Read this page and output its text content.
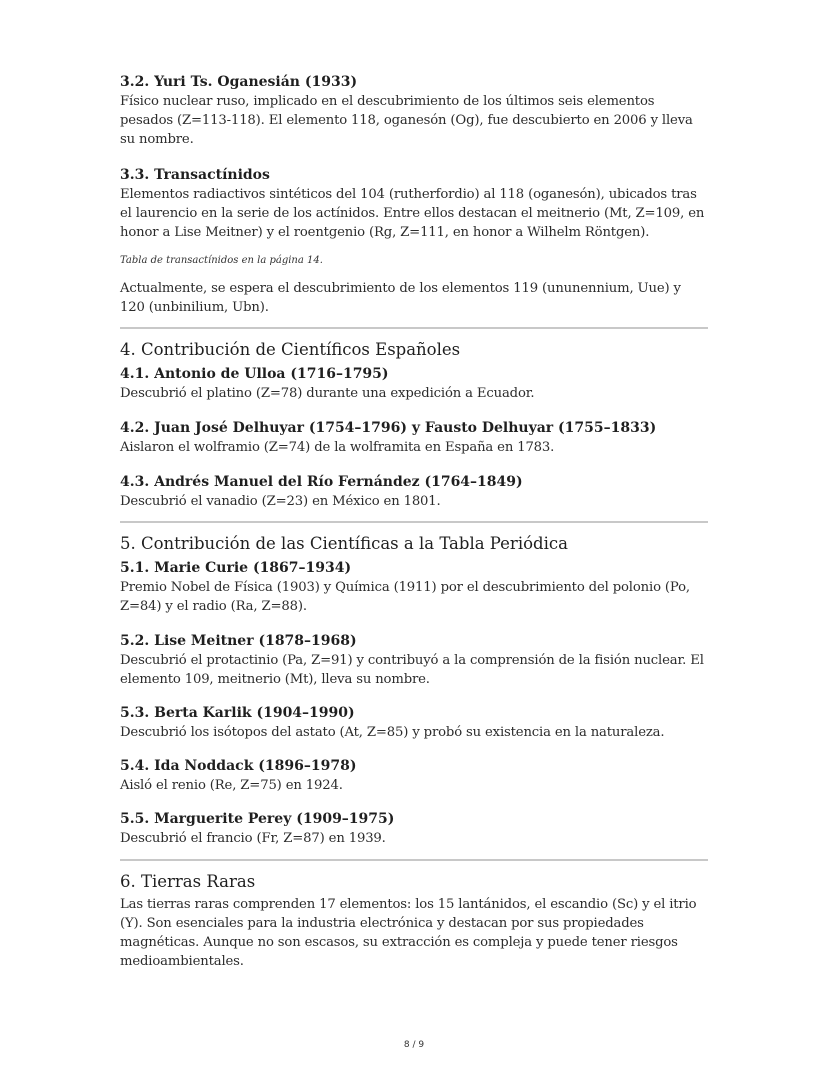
3.2. Yuri Ts. Oganesián (1933)

Físico nuclear ruso, implicado en el descubrimiento de los últimos seis elementos pesados (Z=113-118). El elemento 118, oganesón (Og), fue descubierto en 2006 y lleva su nombre.

3.3. Transactínidos

Elementos radiactivos sintéticos del 104 (rutherfordio) al 118 (oganesón), ubicados tras el laurencio en la serie de los actínidos. Entre ellos destacan el meitnerio (Mt, Z=109, en honor a Lise Meitner) y el roentgenio (Rg, Z=111, en honor a Wilhelm Röntgen).

Tabla de transactínidos en la página 14.

Actualmente, se espera el descubrimiento de los elementos 119 (ununennium, Uue) y 120 (unbinilium, Ubn).

4. Contribución de Científicos Españoles

4.1. Antonio de Ulloa (1716–1795)

Descubrió el platino (Z=78) durante una expedición a Ecuador.

4.2. Juan José Delhuyar (1754–1796) y Fausto Delhuyar (1755–1833)

Aislaron el wolframio (Z=74) de la wolframita en España en 1783.

4.3. Andrés Manuel del Río Fernández (1764–1849)

Descubrió el vanadio (Z=23) en México en 1801.

5. Contribución de las Científicas a la Tabla Periódica

5.1. Marie Curie (1867–1934)

Premio Nobel de Física (1903) y Química (1911) por el descubrimiento del polonio (Po, Z=84) y el radio (Ra, Z=88).

5.2. Lise Meitner (1878–1968)

Descubrió el protactinio (Pa, Z=91) y contribuyó a la comprensión de la fisión nuclear. El elemento 109, meitnerio (Mt), lleva su nombre.

5.3. Berta Karlik (1904–1990)

Descubrió los isótopos del astato (At, Z=85) y probó su existencia en la naturaleza.

5.4. Ida Noddack (1896–1978)

Aisló el renio (Re, Z=75) en 1924.

5.5. Marguerite Perey (1909–1975)

Descubrió el francio (Fr, Z=87) en 1939.

6. Tierras Raras

Las tierras raras comprenden 17 elementos: los 15 lantánidos, el escandio (Sc) y el itrio (Y). Son esenciales para la industria electrónica y destacan por sus propiedades magnéticas. Aunque no son escasos, su extracción es compleja y puede tener riesgos medioambientales.

8 / 9
